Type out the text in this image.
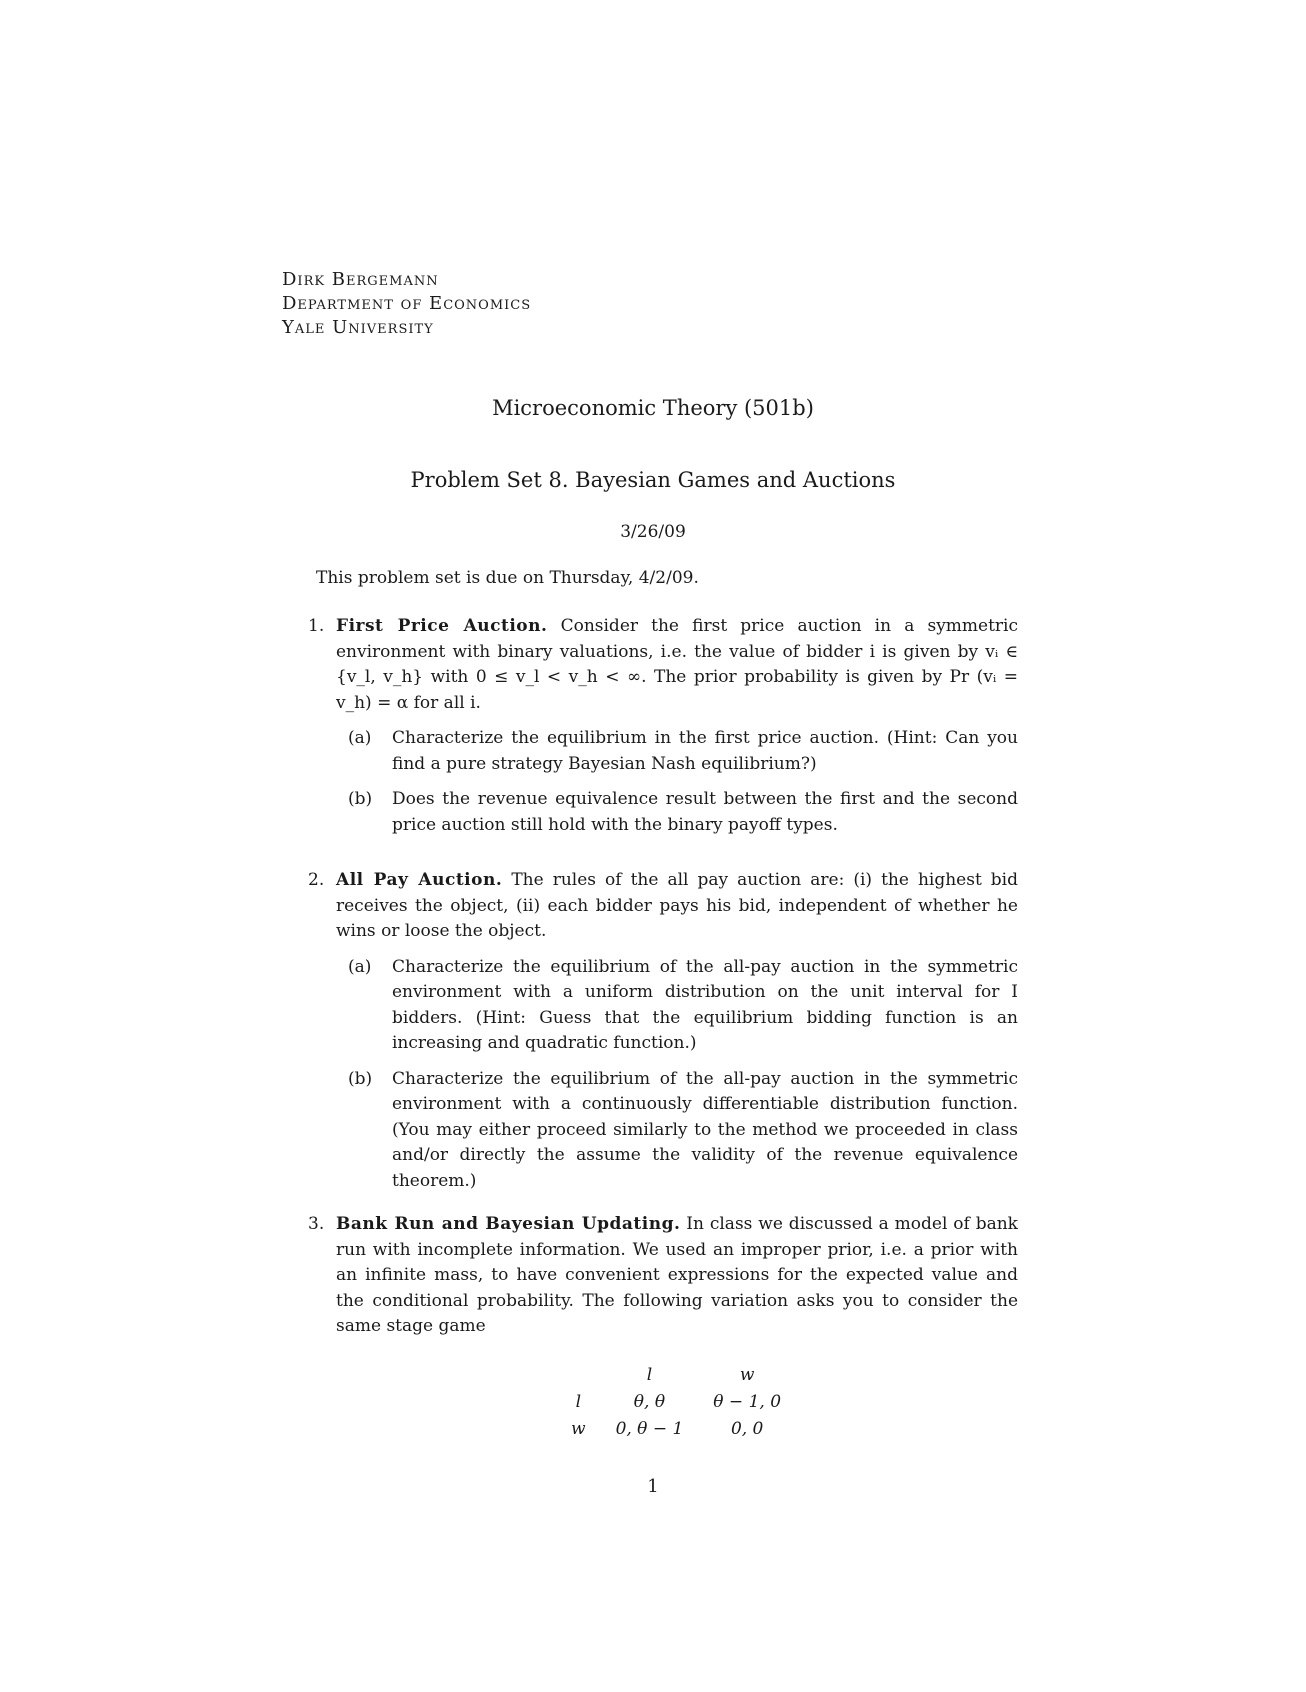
Dirk Bergemann
Department of Economics
Yale University
Microeconomic Theory (501b)
Problem Set 8. Bayesian Games and Auctions
3/26/09
This problem set is due on Thursday, 4/2/09.
1. First Price Auction. Consider the first price auction in a symmetric environment with binary valuations, i.e. the value of bidder i is given by vᵢ ∈ {v_l, v_h} with 0 ≤ v_l < v_h < ∞. The prior probability is given by Pr (vᵢ = v_h) = α for all i.
(a) Characterize the equilibrium in the first price auction. (Hint: Can you find a pure strategy Bayesian Nash equilibrium?)
(b) Does the revenue equivalence result between the first and the second price auction still hold with the binary payoff types.
2. All Pay Auction. The rules of the all pay auction are: (i) the highest bid receives the object, (ii) each bidder pays his bid, independent of whether he wins or loose the object.
(a) Characterize the equilibrium of the all-pay auction in the symmetric environment with a uniform distribution on the unit interval for I bidders. (Hint: Guess that the equilibrium bidding function is an increasing and quadratic function.)
(b) Characterize the equilibrium of the all-pay auction in the symmetric environment with a continuously differentiable distribution function. (You may either proceed similarly to the method we proceeded in class and/or directly the assume the validity of the revenue equivalence theorem.)
3. Bank Run and Bayesian Updating. In class we discussed a model of bank run with incomplete information. We used an improper prior, i.e. a prior with an infinite mass, to have convenient expressions for the expected value and the conditional probability. The following variation asks you to consider the same stage game
	l	w
l	θ, θ	θ − 1, 0
w	0, θ − 1	0, 0
1
